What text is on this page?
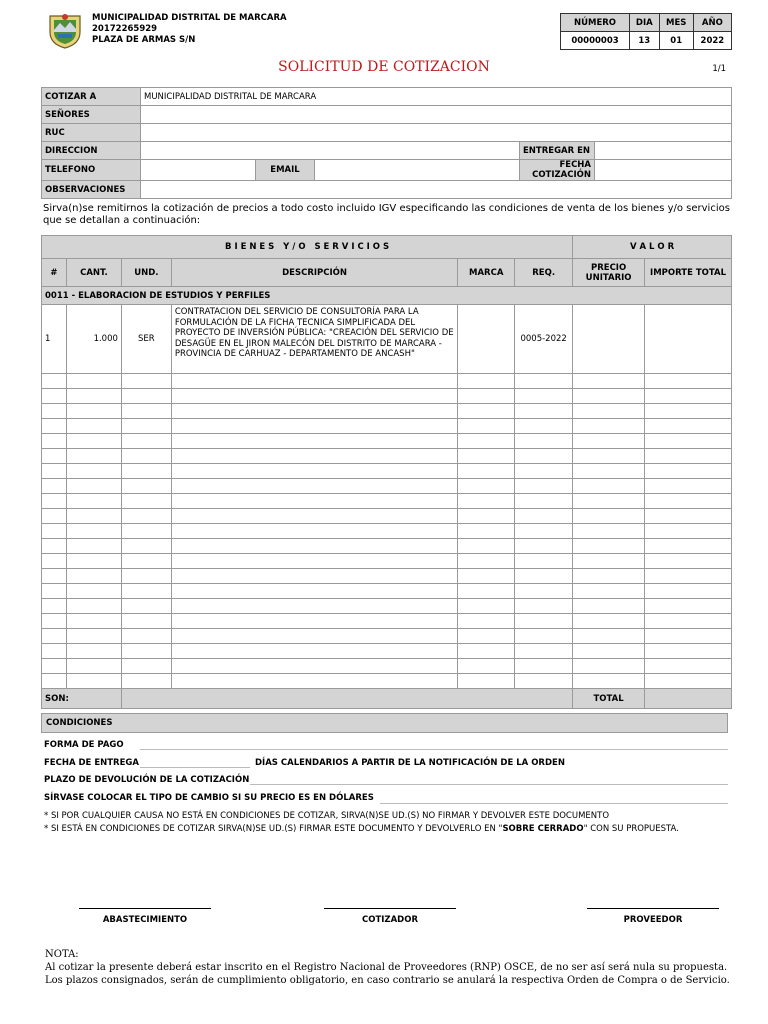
MUNICIPALIDAD DISTRITAL DE MARCARA
20172265929
PLAZA DE ARMAS S/N
NÚMERO	DIA	MES	AÑO
00000003	13	01	2022
SOLICITUD DE COTIZACION	1/1
COTIZAR A	MUNICIPALIDAD DISTRITAL DE MARCARA				
SEÑORES					
RUC					
DIRECCION				ENTREGAR EN	
TELEFONO		EMAIL		FECHA COTIZACIÓN	
OBSERVACIONES					
Sirva(n)se remitirnos la cotización de precios a todo costo incluido IGV especificando las condiciones de venta de los bienes y/o servicios que se detallan a continuación:
B I E N E S   Y / O   S E R V I C I O S						V A L O R	
#	CANT.	UND.	DESCRIPCIÓN	MARCA	REQ.	PRECIO UNITARIO	IMPORTE TOTAL
0011 - ELABORACION DE ESTUDIOS Y PERFILES							
1	1.000	SER	CONTRATACION DEL SERVICIO DE CONSULTORÍA PARA LA FORMULACIÓN DE LA FICHA TECNICA SIMPLIFICADA DEL PROYECTO DE INVERSIÓN PÚBLICA: "CREACIÓN DEL SERVICIO DE DESAGÜE EN EL JIRON MALECÓN DEL DISTRITO DE MARCARA - PROVINCIA DE CARHUAZ - DEPARTAMENTO DE ANCASH"		0005-2022		

SON:						TOTAL	
CONDICIONES
FORMA DE PAGO
FECHA DE ENTREGA	DÍAS CALENDARIOS A PARTIR DE LA NOTIFICACIÓN DE LA ORDEN
PLAZO DE DEVOLUCIÓN DE LA COTIZACIÓN
SÍRVASE COLOCAR EL TIPO DE CAMBIO SI SU PRECIO ES EN DÓLARES
* SI POR CUALQUIER CAUSA NO ESTÁ EN CONDICIONES DE COTIZAR, SIRVA(N)SE UD.(S) NO FIRMAR Y DEVOLVER ESTE DOCUMENTO
* SI ESTÁ EN CONDICIONES DE COTIZAR SIRVA(N)SE UD.(S) FIRMAR ESTE DOCUMENTO Y DEVOLVERLO EN "SOBRE CERRADO" CON SU PROPUESTA.
ABASTECIMIENTO	COTIZADOR	PROVEEDOR
NOTA:
Al cotizar la presente deberá estar inscrito en el Registro Nacional de Proveedores (RNP) OSCE, de no ser así será nula su propuesta.
Los plazos consignados, serán de cumplimiento obligatorio, en caso contrario se anulará la respectiva Orden de Compra o de Servicio.
